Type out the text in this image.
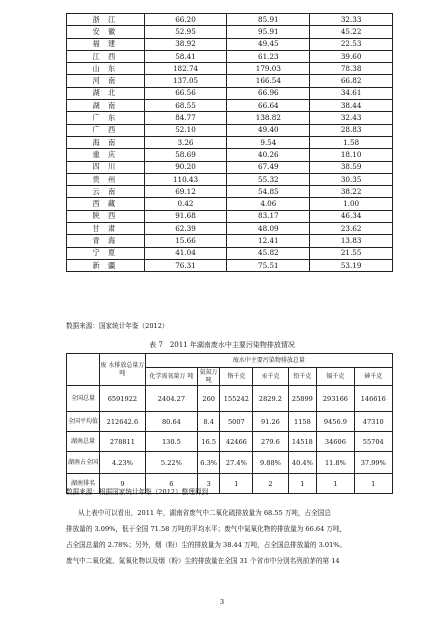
浙 江	66.20	85.91	32.33
安 徽	52.95	95.91	45.22
福 建	38.92	49.45	22.53
江 西	58.41	61.23	39.60
山 东	182.74	179.03	78.38
河 南	137.05	166.54	66.82
湖 北	66.56	66.96	34.61
湖 南	68.55	66.64	38.44
广 东	84.77	138.82	32.43
广 西	52.10	49.40	28.83
海 南	3.26	9.54	1.58
重 庆	58.69	40.26	18.10
四 川	90.20	67.49	38.59
贵 州	110.43	55.32	30.35
云 南	69.12	54.85	38.22
西 藏	0.42	4.06	1.00
陕 西	91.68	83.17	46.34
甘 肃	62.39	48.09	23.62
青 海	15.66	12.41	13.83
宁 夏	41.04	45.82	21.55
新 疆	76.31	75.51	53.19
数据来源：国家统计年鉴（2012）
表 7　2011 年湖南废水中主要污染物排放情况
	废 水排放总量万 吨	废水中主要污染物排放总量						
		化学需氧量万 吨	氨氮万吨	铬千克	汞千克	铅千克	镉千克	砷千克
全国总量	6591922	2404.27	260	155242	2829.2	25899	293166	146616
全国平均值	212642.6	80.64	8.4	5007	91.26	1158	9456.9	47310
湖南总量	278811	130.5	16.5	42466	279.6	14518	34606	55704
湖南占全国	4.23%	5.22%	6.3%	27.4%	9.88%	40.4%	11.8%	37.99%
湖南排名	9	6	3	1	2	1	1	1
数据来源：根据国家统计年鉴（2012）整理得到
从上表中可以看出，2011 年，湖南省废气中二氧化硫排放量为 68.55 万吨，占全国总
排放量的 3.09%，低于全国 71.58 万吨的平均水平；废气中氮氧化物的排放量为 66.64 万吨，
占全国总量的 2.78%；另外，烟（粉）尘的排放量为 38.44 万吨，占全国总排放量的 3.01%。
废气中二氧化硫、氮氧化物以及烟（粉）尘的排放量在全国 31 个省市中分别名列前茅的第 14
3
